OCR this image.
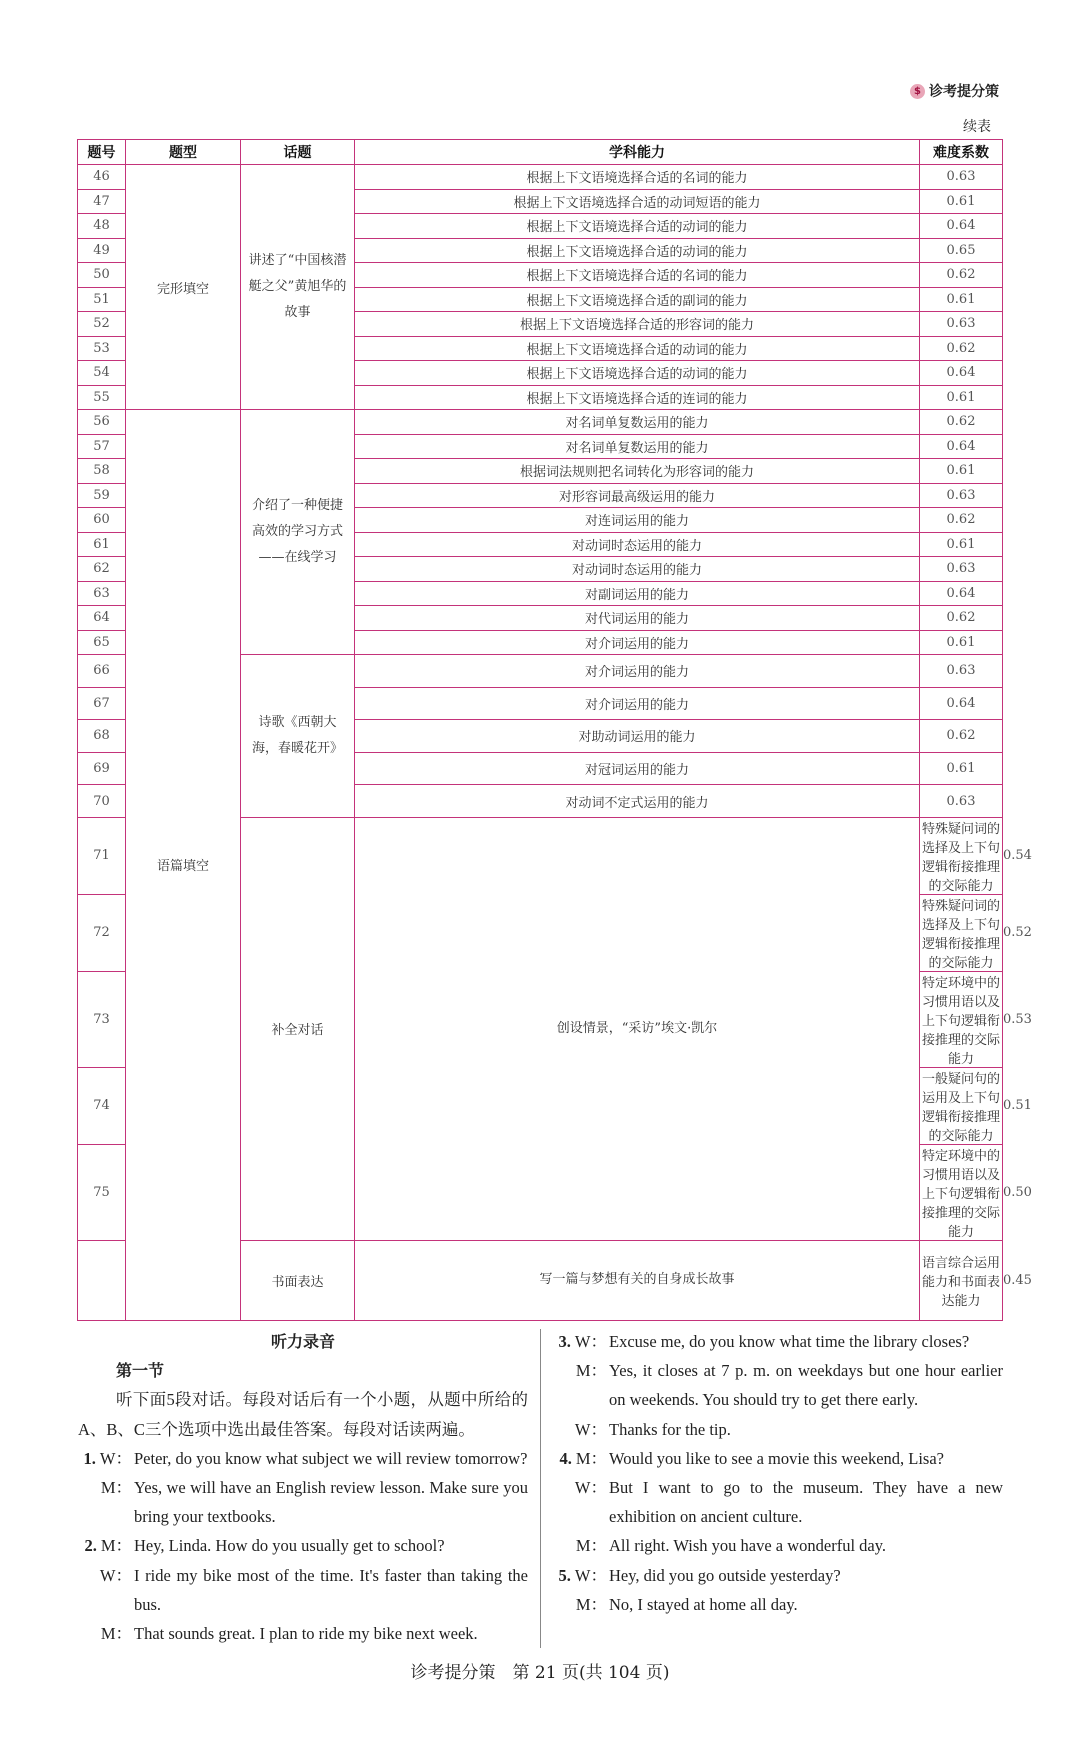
$ 诊考提分策
续表
题号	题型	话题	学科能力	难度系数	
46	完形填空	讲述了“中国核潜艇之父”黄旭华的故事	根据上下文语境选择合适的名词的能力	0.63	
47			根据上下文语境选择合适的动词短语的能力	0.61	
48			根据上下文语境选择合适的动词的能力	0.64	
49			根据上下文语境选择合适的动词的能力	0.65	
50			根据上下文语境选择合适的名词的能力	0.62	
51			根据上下文语境选择合适的副词的能力	0.61	
52			根据上下文语境选择合适的形容词的能力	0.63	
53			根据上下文语境选择合适的动词的能力	0.62	
54			根据上下文语境选择合适的动词的能力	0.64	
55			根据上下文语境选择合适的连词的能力	0.61	
56	语篇填空	介绍了一种便捷高效的学习方式——在线学习	对名词单复数运用的能力	0.62	
57			对名词单复数运用的能力	0.64	
58			根据词法规则把名词转化为形容词的能力	0.61	
59			对形容词最高级运用的能力	0.63	
60			对连词运用的能力	0.62	
61			对动词时态运用的能力	0.61	
62			对动词时态运用的能力	0.63	
63			对副词运用的能力	0.64	
64			对代词运用的能力	0.62	
65			对介词运用的能力	0.61	
66		诗歌《西朝大海，春暖花开》	对介词运用的能力	0.63	
67			对介词运用的能力	0.64	
68			对助动词运用的能力	0.62	
69			对冠词运用的能力	0.61	
70			对动词不定式运用的能力	0.63	
71		补全对话	创设情景，“采访”埃文·凯尔	特殊疑问词的选择及上下句逻辑衔接推理的交际能力	0.54
72				特殊疑问词的选择及上下句逻辑衔接推理的交际能力	0.52
73				特定环境中的习惯用语以及上下句逻辑衔接推理的交际能力	0.53
74				一般疑问句的运用及上下句逻辑衔接推理的交际能力	0.51
75				特定环境中的习惯用语以及上下句逻辑衔接推理的交际能力	0.50
		书面表达	写一篇与梦想有关的自身成长故事	语言综合运用能力和书面表达能力	0.45
听力录音
第一节
听下面5段对话。每段对话后有一个小题，从题中所给的A、B、C三个选项中选出最佳答案。每段对话读两遍。
1. W： Peter, do you know what subject we will review tomorrow?
M： Yes, we will have an English review lesson. Make sure you bring your textbooks.
2. M： Hey, Linda. How do you usually get to school?
W： I ride my bike most of the time. It's faster than taking the bus.
M： That sounds great. I plan to ride my bike next week.
3. W： Excuse me, do you know what time the library closes?
M： Yes, it closes at 7 p. m. on weekdays but one hour earlier on weekends. You should try to get there early.
W： Thanks for the tip.
4. M： Would you like to see a movie this weekend, Lisa?
W： But I want to go to the museum. They have a new exhibition on ancient culture.
M： All right. Wish you have a wonderful day.
5. W： Hey, did you go outside yesterday?
M： No, I stayed at home all day.
诊考提分策　第 21 页(共 104 页)
